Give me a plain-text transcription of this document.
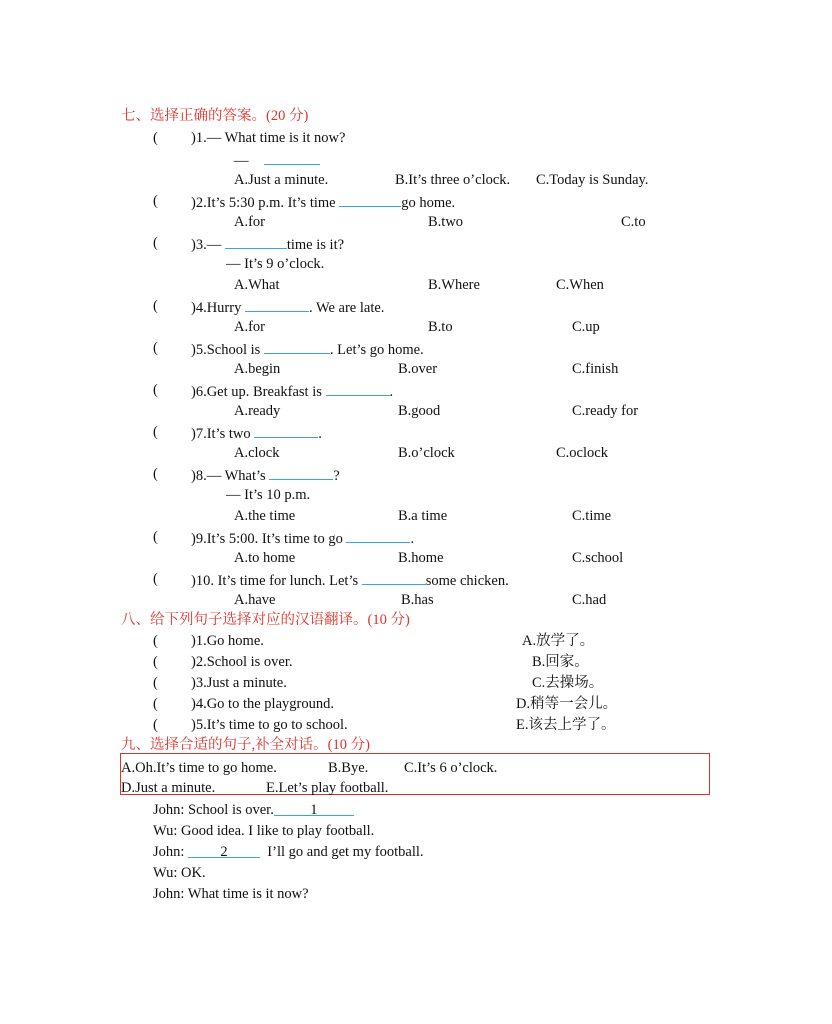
七、选择正确的答案。(20 分)
( )1.— What time is it now?
—
A.Just a minute.	B.It’s three o’clock. C.Today is Sunday.
( )2.It’s 5:30 p.m. It’s time	go home.
A.for	B.two	C.to
( )3.—	time is it?
— It’s 9 o’clock.
A.What	B.Where	C.When
( )4.Hurry	. We are late.
A.for	B.to	C.up
( )5.School is	. Let’s go home.
A.begin	B.over	C.finish
( )6.Get up. Breakfast is	.
A.ready	B.good	C.ready for
( )7.It’s two	.
A.clock	B.o’clock	C.oclock
( )8.— What’s	?
— It’s 10 p.m.
A.the time	B.a time	C.time
( )9.It’s 5:00. It’s time to go	.
A.to home	B.home	C.school
( )10. It’s time for lunch. Let’s	some chicken.
A.have	B.has	C.had
八、给下列句子选择对应的汉语翻译。(10 分)
( )1.Go home.	A.放学了。
( )2.School is over.	B.回家。
( )3.Just a minute.	C.去操场。
( )4.Go to the playground.	D.稍等一会儿。
( )5.It’s time to go to school.	E.该去上学了。
九、选择合适的句子,补全对话。(10 分)
A.Oh.It’s time to go home.	B.Bye. C.It’s 6 o’clock.
D.Just a minute.	E.Let’s play football.
John: School is over.	1
Wu: Good idea. I like to play football.
John: 2	I’ll go and get my football.
Wu: OK.
John: What time is it now?
